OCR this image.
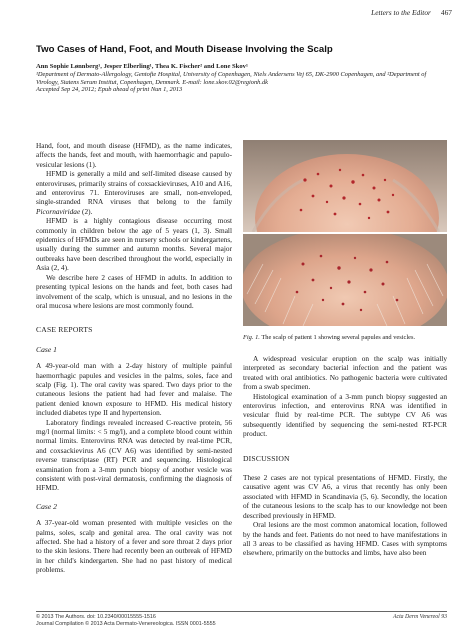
Letters to the Editor 467
Two Cases of Hand, Foot, and Mouth Disease Involving the Scalp
Ann Sophie Lønnberg¹, Jesper Elberling¹, Thea K. Fischer² and Lone Skov¹
¹Department of Dermato-Allergology, Gentofte Hospital, University of Copenhagen, Niels Andersens Vej 65, DK-2900 Copenhagen, and ²Department of Virology, Statens Serum Institut, Copenhagen, Denmark. E-mail: lone.skov.02@regionh.dk
Accepted Sep 24, 2012; Epub ahead of print Nun 1, 2013

Hand, foot, and mouth disease (HFMD), as the name indicates, affects the hands, feet and mouth, with haemorrhagic and papulo-vesicular lesions (1).

HFMD is generally a mild and self-limited disease caused by enteroviruses, primarily strains of coxsackieviruses, A10 and A16, and enterovirus 71. Enteroviruses are small, non-enveloped, single-stranded RNA viruses that belong to the family Picornaviridae (2).

HFMD is a highly contagious disease occurring most commonly in children below the age of 5 years (1, 3). Small epidemics of HFMDs are seen in nursery schools or kindergartens, usually during the summer and autumn months. Several major outbreaks have been described throughout the world, especially in Asia (2, 4).

We describe here 2 cases of HFMD in adults. In addition to presenting typical lesions on the hands and feet, both cases had involvement of the scalp, which is unusual, and no lesions in the oral mucosa where lesions are most commonly found.

CASE REPORTS

Case 1

A 49-year-old man with a 2-day history of multiple painful haemorrhagic papules and vesicles in the palms, soles, face and scalp (Fig. 1). The oral cavity was spared. Two days prior to the cutaneous lesions the patient had had fever and malaise. The patient denied known exposure to HFMD. His medical history included diabetes type II and hypertension.

Laboratory findings revealed increased C-reactive protein, 56 mg/l (normal limits: < 5 mg/l), and a complete blood count within normal limits. Enterovirus RNA was detected by real-time PCR, and coxsackievirus A6 (CV A6) was identified by semi-nested reverse transcriptase (RT) PCR and sequencing. Histological examination from a 3-mm punch biopsy of another vesicle was consistent with post-viral dermatosis, confirming the diagnosis of HFMD.

Case 2

A 37-year-old woman presented with multiple vesicles on the palms, soles, scalp and genital area. The oral cavity was not affected. She had a history of a fever and sore throat 2 days prior to the skin lesions. There had recently been an outbreak of HFMD in her child's kindergarten. She had no past history of medical problems.

Fig. 1. The scalp of patient 1 showing several papules and vesicles.

A widespread vesicular eruption on the scalp was initially interpreted as secondary bacterial infection and the patient was treated with oral antibiotics. No pathogenic bacteria were cultivated from a swab specimen.

Histological examination of a 3-mm punch biopsy suggested an enterovirus infection, and enterovirus RNA was identified in vesicular fluid by real-time PCR. The subtype CV A6 was subsequently identified by sequencing the semi-nested RT-PCR product.

DISCUSSION

These 2 cases are not typical presentations of HFMD. Firstly, the causative agent was CV A6, a virus that recently has only been associated with HFMD in Scandinavia (5, 6). Secondly, the location of the cutaneous lesions to the scalp has to our knowledge not been described previously in HFMD.

Oral lesions are the most common anatomical location, followed by the hands and feet. Patients do not need to have manifestations in all 3 areas to be classified as having HFMD. Cases with symptoms elsewhere, primarily on the buttocks and limbs, have also been

© 2013 The Authors. doi: 10.2340/00015555-1516
Journal Compilation © 2013 Acta Dermato-Venereologica. ISSN 0001-5555
Acta Derm Venereol 93
